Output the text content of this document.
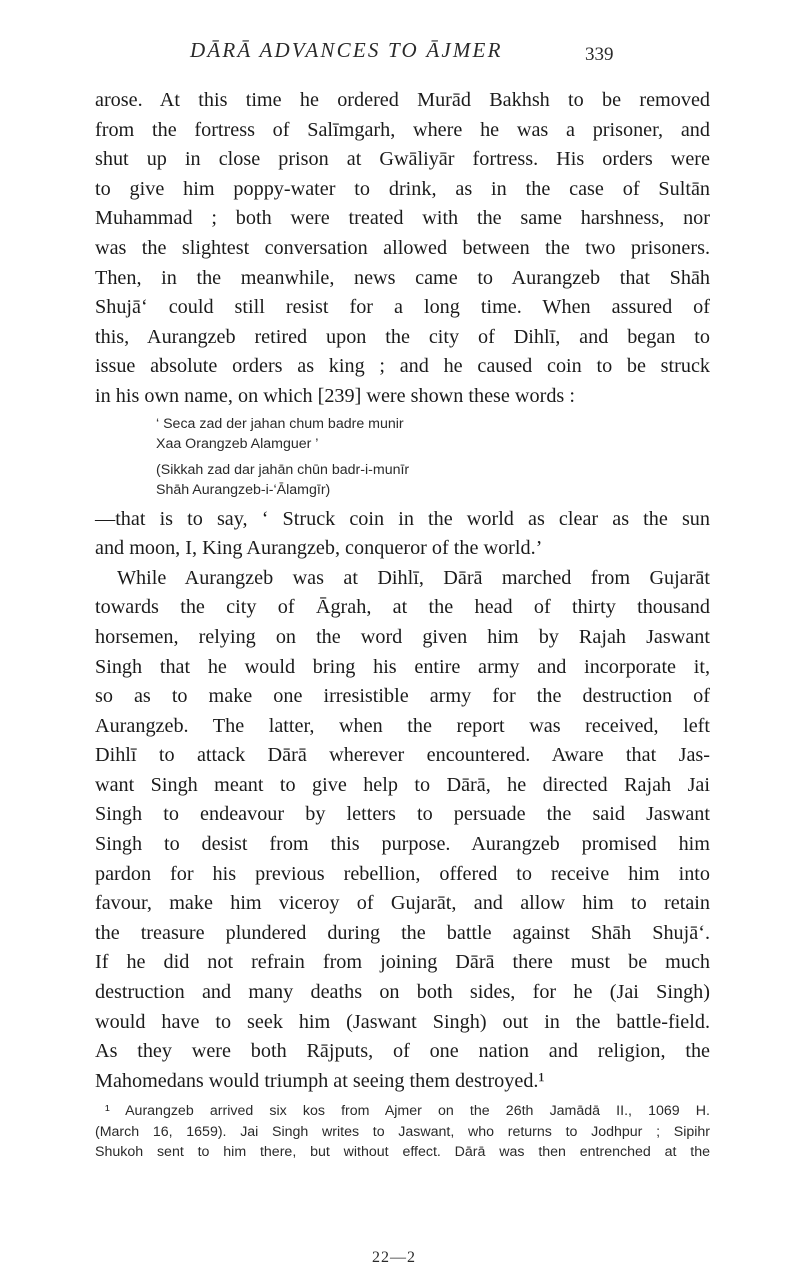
DĀRĀ ADVANCES TO ĀJMER	339
arose. At this time he ordered Murād Bakhsh to be removed
from the fortress of Salīmgarh, where he was a prisoner, and
shut up in close prison at Gwāliyār fortress. His orders were
to give him poppy-water to drink, as in the case of Sultān
Muhammad ; both were treated with the same harshness, nor
was the slightest conversation allowed between the two prisoners.
Then, in the meanwhile, news came to Aurangzeb that Shāh
Shujā‘ could still resist for a long time. When assured of
this, Aurangzeb retired upon the city of Dihlī, and began to
issue absolute orders as king ; and he caused coin to be struck
in his own name, on which [239] were shown these words :
‘ Seca zad der jahan chum badre munir
Xaa Orangzeb Alamguer ’
(Sikkah zad dar jahān chūn badr-i-munīr
Shāh Aurangzeb-i-‘Ālamgīr)
—that is to say, ‘ Struck coin in the world as clear as the sun
and moon, I, King Aurangzeb, conqueror of the world.’
While Aurangzeb was at Dihlī, Dārā marched from Gujarāt
towards the city of Āgrah, at the head of thirty thousand
horsemen, relying on the word given him by Rajah Jaswant
Singh that he would bring his entire army and incorporate it,
so as to make one irresistible army for the destruction of
Aurangzeb. The latter, when the report was received, left
Dihlī to attack Dārā wherever encountered. Aware that Jas-
want Singh meant to give help to Dārā, he directed Rajah Jai
Singh to endeavour by letters to persuade the said Jaswant
Singh to desist from this purpose. Aurangzeb promised him
pardon for his previous rebellion, offered to receive him into
favour, make him viceroy of Gujarāt, and allow him to retain
the treasure plundered during the battle against Shāh Shujā‘.
If he did not refrain from joining Dārā there must be much
destruction and many deaths on both sides, for he (Jai Singh)
would have to seek him (Jaswant Singh) out in the battle-field.
As they were both Rājputs, of one nation and religion, the
Mahomedans would triumph at seeing them destroyed.¹
¹ Aurangzeb arrived six kos from Ajmer on the 26th Jamādā II., 1069 H.
(March 16, 1659). Jai Singh writes to Jaswant, who returns to Jodhpur ; Sipihr
Shukoh sent to him there, but without effect. Dārā was then entrenched at the
22—2
